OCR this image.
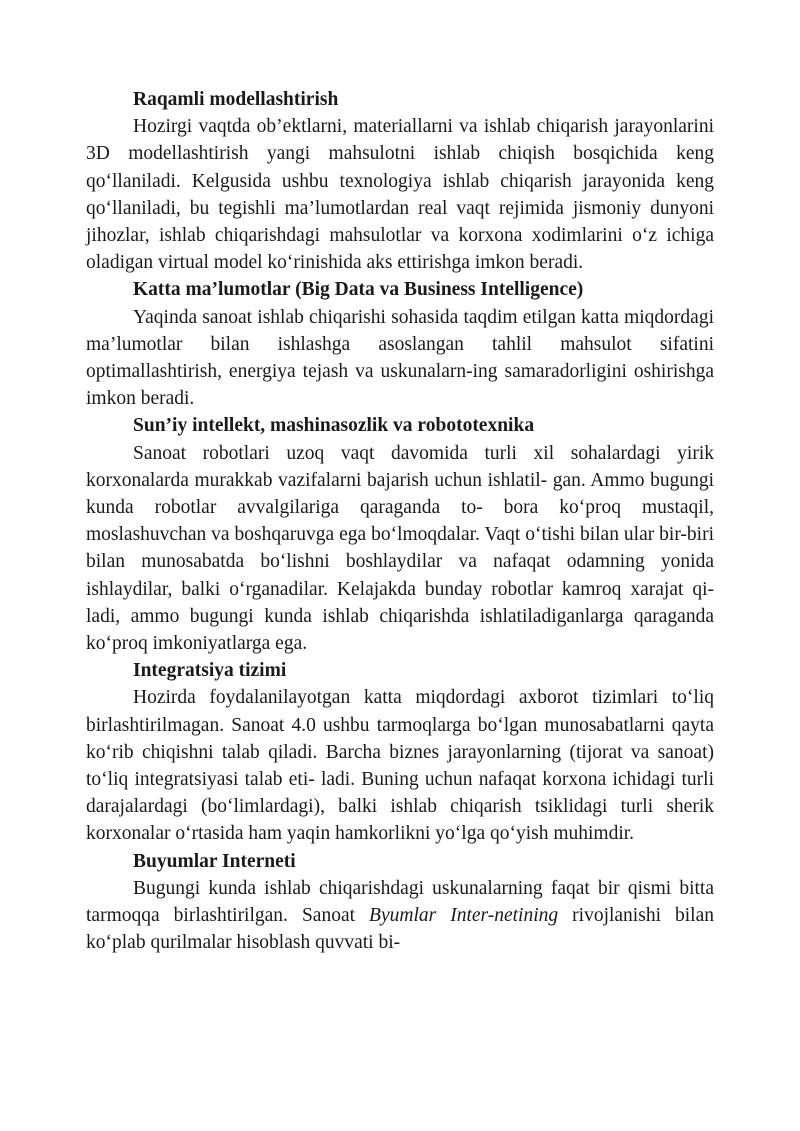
Raqamli modellashtirish

Hozirgi vaqtda ob’ektlarni, materiallarni va ishlab chiqarish jarayonlarini 3D modellashtirish yangi mahsulotni ishlab chiqish bosqichida keng qo‘llaniladi. Kelgusida ushbu texnologiya ishlab chiqarish jarayonida keng qo‘llaniladi, bu tegishli ma’lumotlardan real vaqt rejimida jismoniy dunyoni jihozlar, ishlab chiqarishdagi mahsulotlar va korxona xodimlarini o‘z ichiga oladigan virtual model ko‘rinishida aks ettirishga imkon beradi.

Katta ma’lumotlar (Big Data va Business Intelligence)

Yaqinda sanoat ishlab chiqarishi sohasida taqdim etilgan katta miqdordagi ma’lumotlar bilan ishlashga asoslangan tahlil mahsulot sifatini optimallashtirish, energiya tejash va uskunalarn-ing samaradorligini oshirishga imkon beradi.

Sun’iy intellekt, mashinasozlik va robototexnika

Sanoat robotlari uzoq vaqt davomida turli xil sohalardagi yirik korxonalarda murakkab vazifalarni bajarish uchun ishlatil- gan. Ammo bugungi kunda robotlar avvalgilariga qaraganda to- bora ko‘proq mustaqil, moslashuvchan va boshqaruvga ega bo‘lmoqdalar. Vaqt o‘tishi bilan ular bir-biri bilan munosabatda bo‘lishni boshlaydilar va nafaqat odamning yonida ishlaydilar, balki o‘rganadilar. Kelajakda bunday robotlar kamroq xarajat qi-ladi, ammo bugungi kunda ishlab chiqarishda ishlatiladiganlarga qaraganda ko‘proq imkoniyatlarga ega.

Integratsiya tizimi

Hozirda foydalanilayotgan katta miqdordagi axborot tizimlari to‘liq birlashtirilmagan. Sanoat 4.0 ushbu tarmoqlarga bo‘lgan munosabatlarni qayta ko‘rib chiqishni talab qiladi. Barcha biznes jarayonlarning (tijorat va sanoat) to‘liq integratsiyasi talab eti- ladi. Buning uchun nafaqat korxona ichidagi turli darajalardagi (bo‘limlardagi), balki ishlab chiqarish tsiklidagi turli sherik korxonalar o‘rtasida ham yaqin hamkorlikni yo‘lga qo‘yish muhimdir.

Buyumlar Interneti

Bugungi kunda ishlab chiqarishdagi uskunalarning faqat bir qismi bitta tarmoqqa birlashtirilgan. Sanoat Byumlar Inter-netining rivojlanishi bilan ko‘plab qurilmalar hisoblash quvvati bi-
